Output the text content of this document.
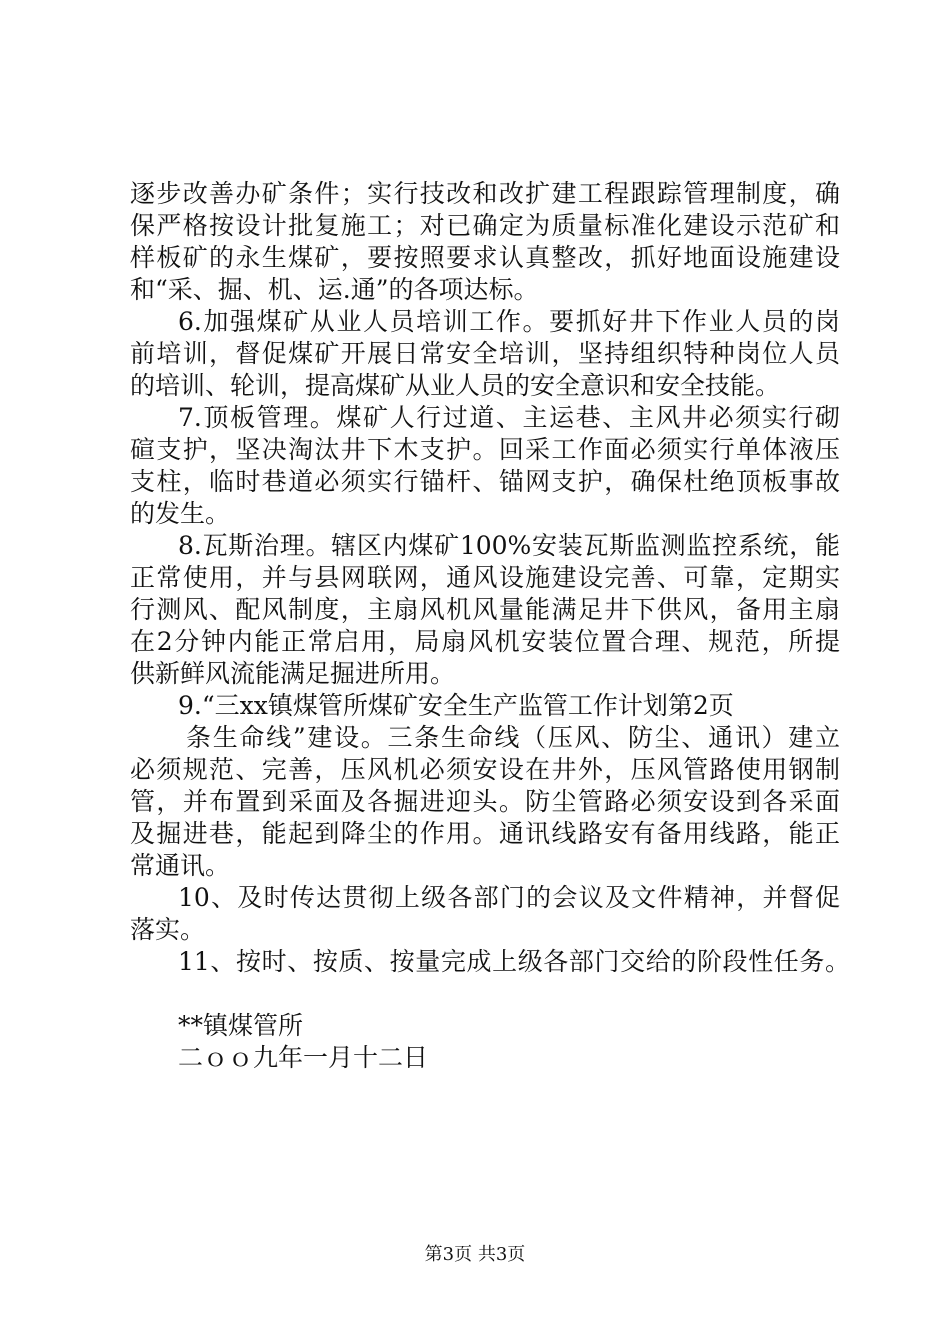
逐步改善办矿条件；实行技改和改扩建工程跟踪管理制度，确
保严格按设计批复施工；对已确定为质量标准化建设示范矿和
样板矿的永生煤矿，要按照要求认真整改，抓好地面设施建设
和“采、掘、机、运.通”的各项达标。
6.加强煤矿从业人员培训工作。要抓好井下作业人员的岗
前培训，督促煤矿开展日常安全培训，坚持组织特种岗位人员
的培训、轮训，提高煤矿从业人员的安全意识和安全技能。
7.顶板管理。煤矿人行过道、主运巷、主风井必须实行砌
碹支护，坚决淘汰井下木支护。回采工作面必须实行单体液压
支柱，临时巷道必须实行锚杆、锚网支护，确保杜绝顶板事故
的发生。
8.瓦斯治理。辖区内煤矿100%安装瓦斯监测监控系统，能
正常使用，并与县网联网，通风设施建设完善、可靠，定期实
行测风、配风制度，主扇风机风量能满足井下供风，备用主扇
在2分钟内能正常启用，局扇风机安装位置合理、规范，所提
供新鲜风流能满足掘进所用。
9.“三xx镇煤管所煤矿安全生产监管工作计划第2页
条生命线”建设。三条生命线（压风、防尘、通讯）建立
必须规范、完善，压风机必须安设在井外，压风管路使用钢制
管，并布置到采面及各掘进迎头。防尘管路必须安设到各采面
及掘进巷，能起到降尘的作用。通讯线路安有备用线路，能正
常通讯。
10、及时传达贯彻上级各部门的会议及文件精神，并督促
落实。
11、按时、按质、按量完成上级各部门交给的阶段性任务。
**镇煤管所
二ｏｏ九年一月十二日
第3页 共3页
